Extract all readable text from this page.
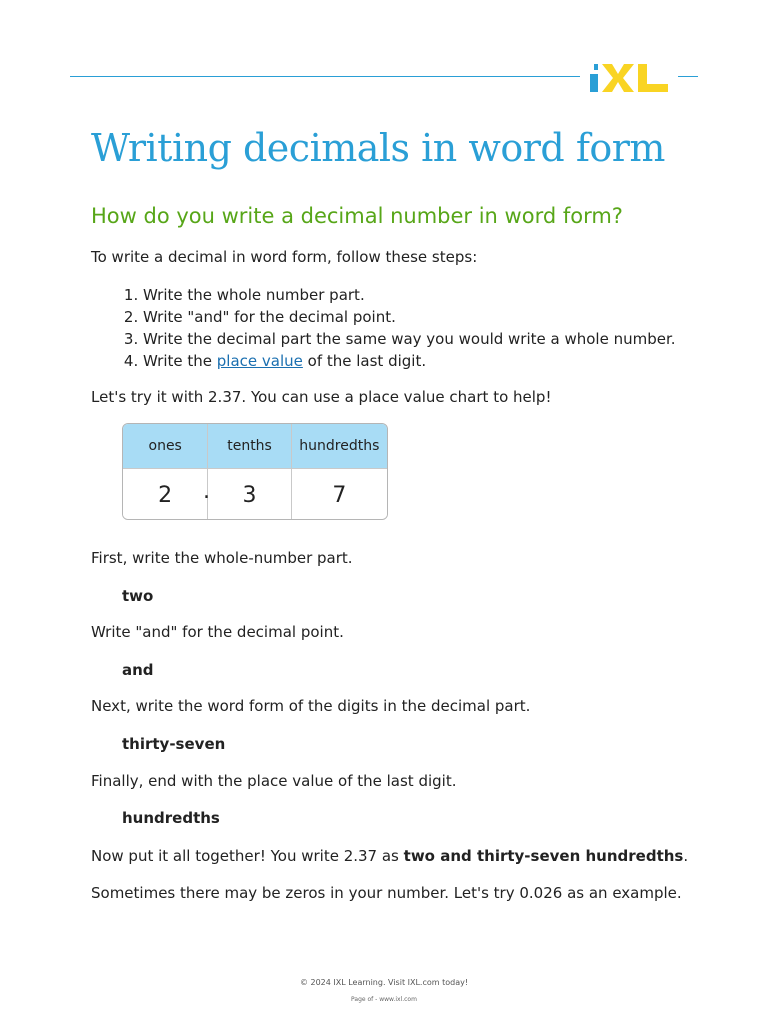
Writing decimals in word form
How do you write a decimal number in word form?

To write a decimal in word form, follow these steps:

1. Write the whole number part.
2. Write "and" for the decimal point.
3. Write the decimal part the same way you would write a whole number.
4. Write the place value of the last digit.

Let's try it with 2.37. You can use a place value chart to help!

ones	tenths	hundredths
2	3	7
.

First, write the whole-number part.

two

Write "and" for the decimal point.

and

Next, write the word form of the digits in the decimal part.

thirty-seven

Finally, end with the place value of the last digit.

hundredths

Now put it all together! You write 2.37 as two and thirty-seven hundredths.

Sometimes there may be zeros in your number. Let's try 0.026 as an example.

© 2024 IXL Learning. Visit IXL.com today!
Page of - www.ixl.com
